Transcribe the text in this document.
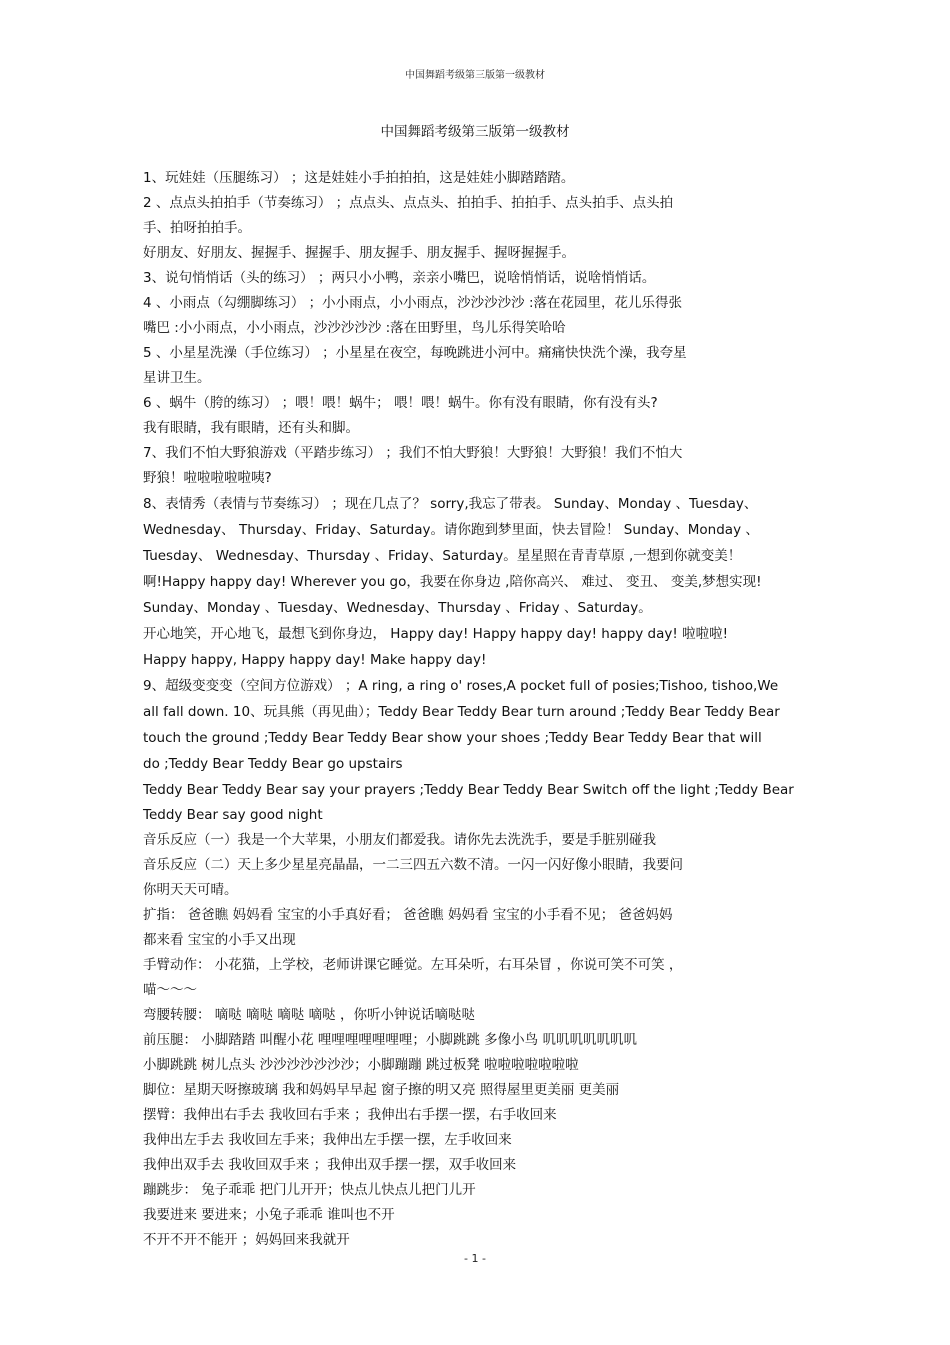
中国舞蹈考级第三版第一级教材
中国舞蹈考级第三版第一级教材
1、玩娃娃（压腿练习） ；这是娃娃小手拍拍拍，这是娃娃小脚踏踏踏。
2 、点点头拍拍手（节奏练习） ；点点头、点点头、拍拍手、拍拍手、点头拍手、点头拍
手、拍呀拍拍手。
好朋友、好朋友、握握手、握握手、朋友握手、朋友握手、握呀握握手。
3、说句悄悄话（头的练习） ；两只小小鸭，亲亲小嘴巴，说啥悄悄话，说啥悄悄话。
4 、小雨点（勾绷脚练习） ；小小雨点，小小雨点，沙沙沙沙沙 :落在花园里，花儿乐得张
嘴巴 :小小雨点，小小雨点，沙沙沙沙沙 :落在田野里，鸟儿乐得笑哈哈
5 、小星星洗澡（手位练习） ；小星星在夜空，每晚跳进小河中。痛痛快快洗个澡，我夸星
星讲卫生。
6 、蜗牛（胯的练习） ；喂！喂！蜗牛； 喂！喂！蜗牛。你有没有眼睛，你有没有头?
我有眼睛，我有眼睛，还有头和脚。
7、我们不怕大野狼游戏（平踏步练习） ；我们不怕大野狼！大野狼！大野狼！我们不怕大
野狼！啦啦啦啦啦咦?
8、表情秀（表情与节奏练习） ；现在几点了？ sorry,我忘了带表。 Sunday、Monday 、Tuesday、
Wednesday、 Thursday、Friday、Saturday。请你跑到梦里面，快去冒险！ Sunday、Monday 、
Tuesday、 Wednesday、Thursday 、Friday、Saturday。星星照在青青草原 ,一想到你就变美！
啊!Happy happy day! Wherever you go，我要在你身边 ,陪你高兴、 难过、 变丑、 变美,梦想实现!
Sunday、Monday 、Tuesday、Wednesday、Thursday 、Friday 、Saturday。
开心地笑，开心地飞，最想飞到你身边， Happy day! Happy happy day! happy day! 啦啦啦!
Happy happy, Happy happy day! Make happy day!
9、超级变变变（空间方位游戏） ；A ring, a ring o' roses,A pocket full of posies;Tishoo, tishoo,We
all fall down. 10、玩具熊（再见曲）；Teddy Bear Teddy Bear turn around ;Teddy Bear Teddy Bear
touch the ground ;Teddy Bear Teddy Bear show your shoes ;Teddy Bear Teddy Bear that will
do ;Teddy Bear Teddy Bear go upstairs
Teddy Bear Teddy Bear say your prayers ;Teddy Bear Teddy Bear Switch off the light ;Teddy Bear
Teddy Bear say good night
音乐反应（一）我是一个大苹果，小朋友们都爱我。请你先去洗洗手，要是手脏别碰我
音乐反应（二）天上多少星星亮晶晶，一二三四五六数不清。一闪一闪好像小眼睛，我要问
你明天天可晴。
扩指： 爸爸瞧 妈妈看 宝宝的小手真好看； 爸爸瞧 妈妈看 宝宝的小手看不见； 爸爸妈妈
都来看 宝宝的小手又出现
手臂动作： 小花猫，上学校，老师讲课它睡觉。左耳朵听，右耳朵冒 ，你说可笑不可笑 ，
喵～～～
弯腰转腰： 嘀哒 嘀哒 嘀哒 嘀哒 ，你听小钟说话嘀哒哒
前压腿： 小脚踏踏 叫醒小花 哩哩哩哩哩哩哩；小脚跳跳 多像小鸟 叽叽叽叽叽叽叽
小脚跳跳 树儿点头 沙沙沙沙沙沙沙；小脚蹦蹦 跳过板凳 啦啦啦啦啦啦啦
脚位：星期天呀擦玻璃 我和妈妈早早起 窗子擦的明又亮 照得屋里更美丽 更美丽
摆臂：我伸出右手去 我收回右手来 ；我伸出右手摆一摆，右手收回来
我伸出左手去 我收回左手来；我伸出左手摆一摆，左手收回来
我伸出双手去 我收回双手来 ；我伸出双手摆一摆，双手收回来
蹦跳步： 兔子乖乖 把门儿开开；快点儿快点儿把门儿开
我要进来 要进来；小兔子乖乖 谁叫也不开
不开不开不能开 ；妈妈回来我就开
- 1 -
